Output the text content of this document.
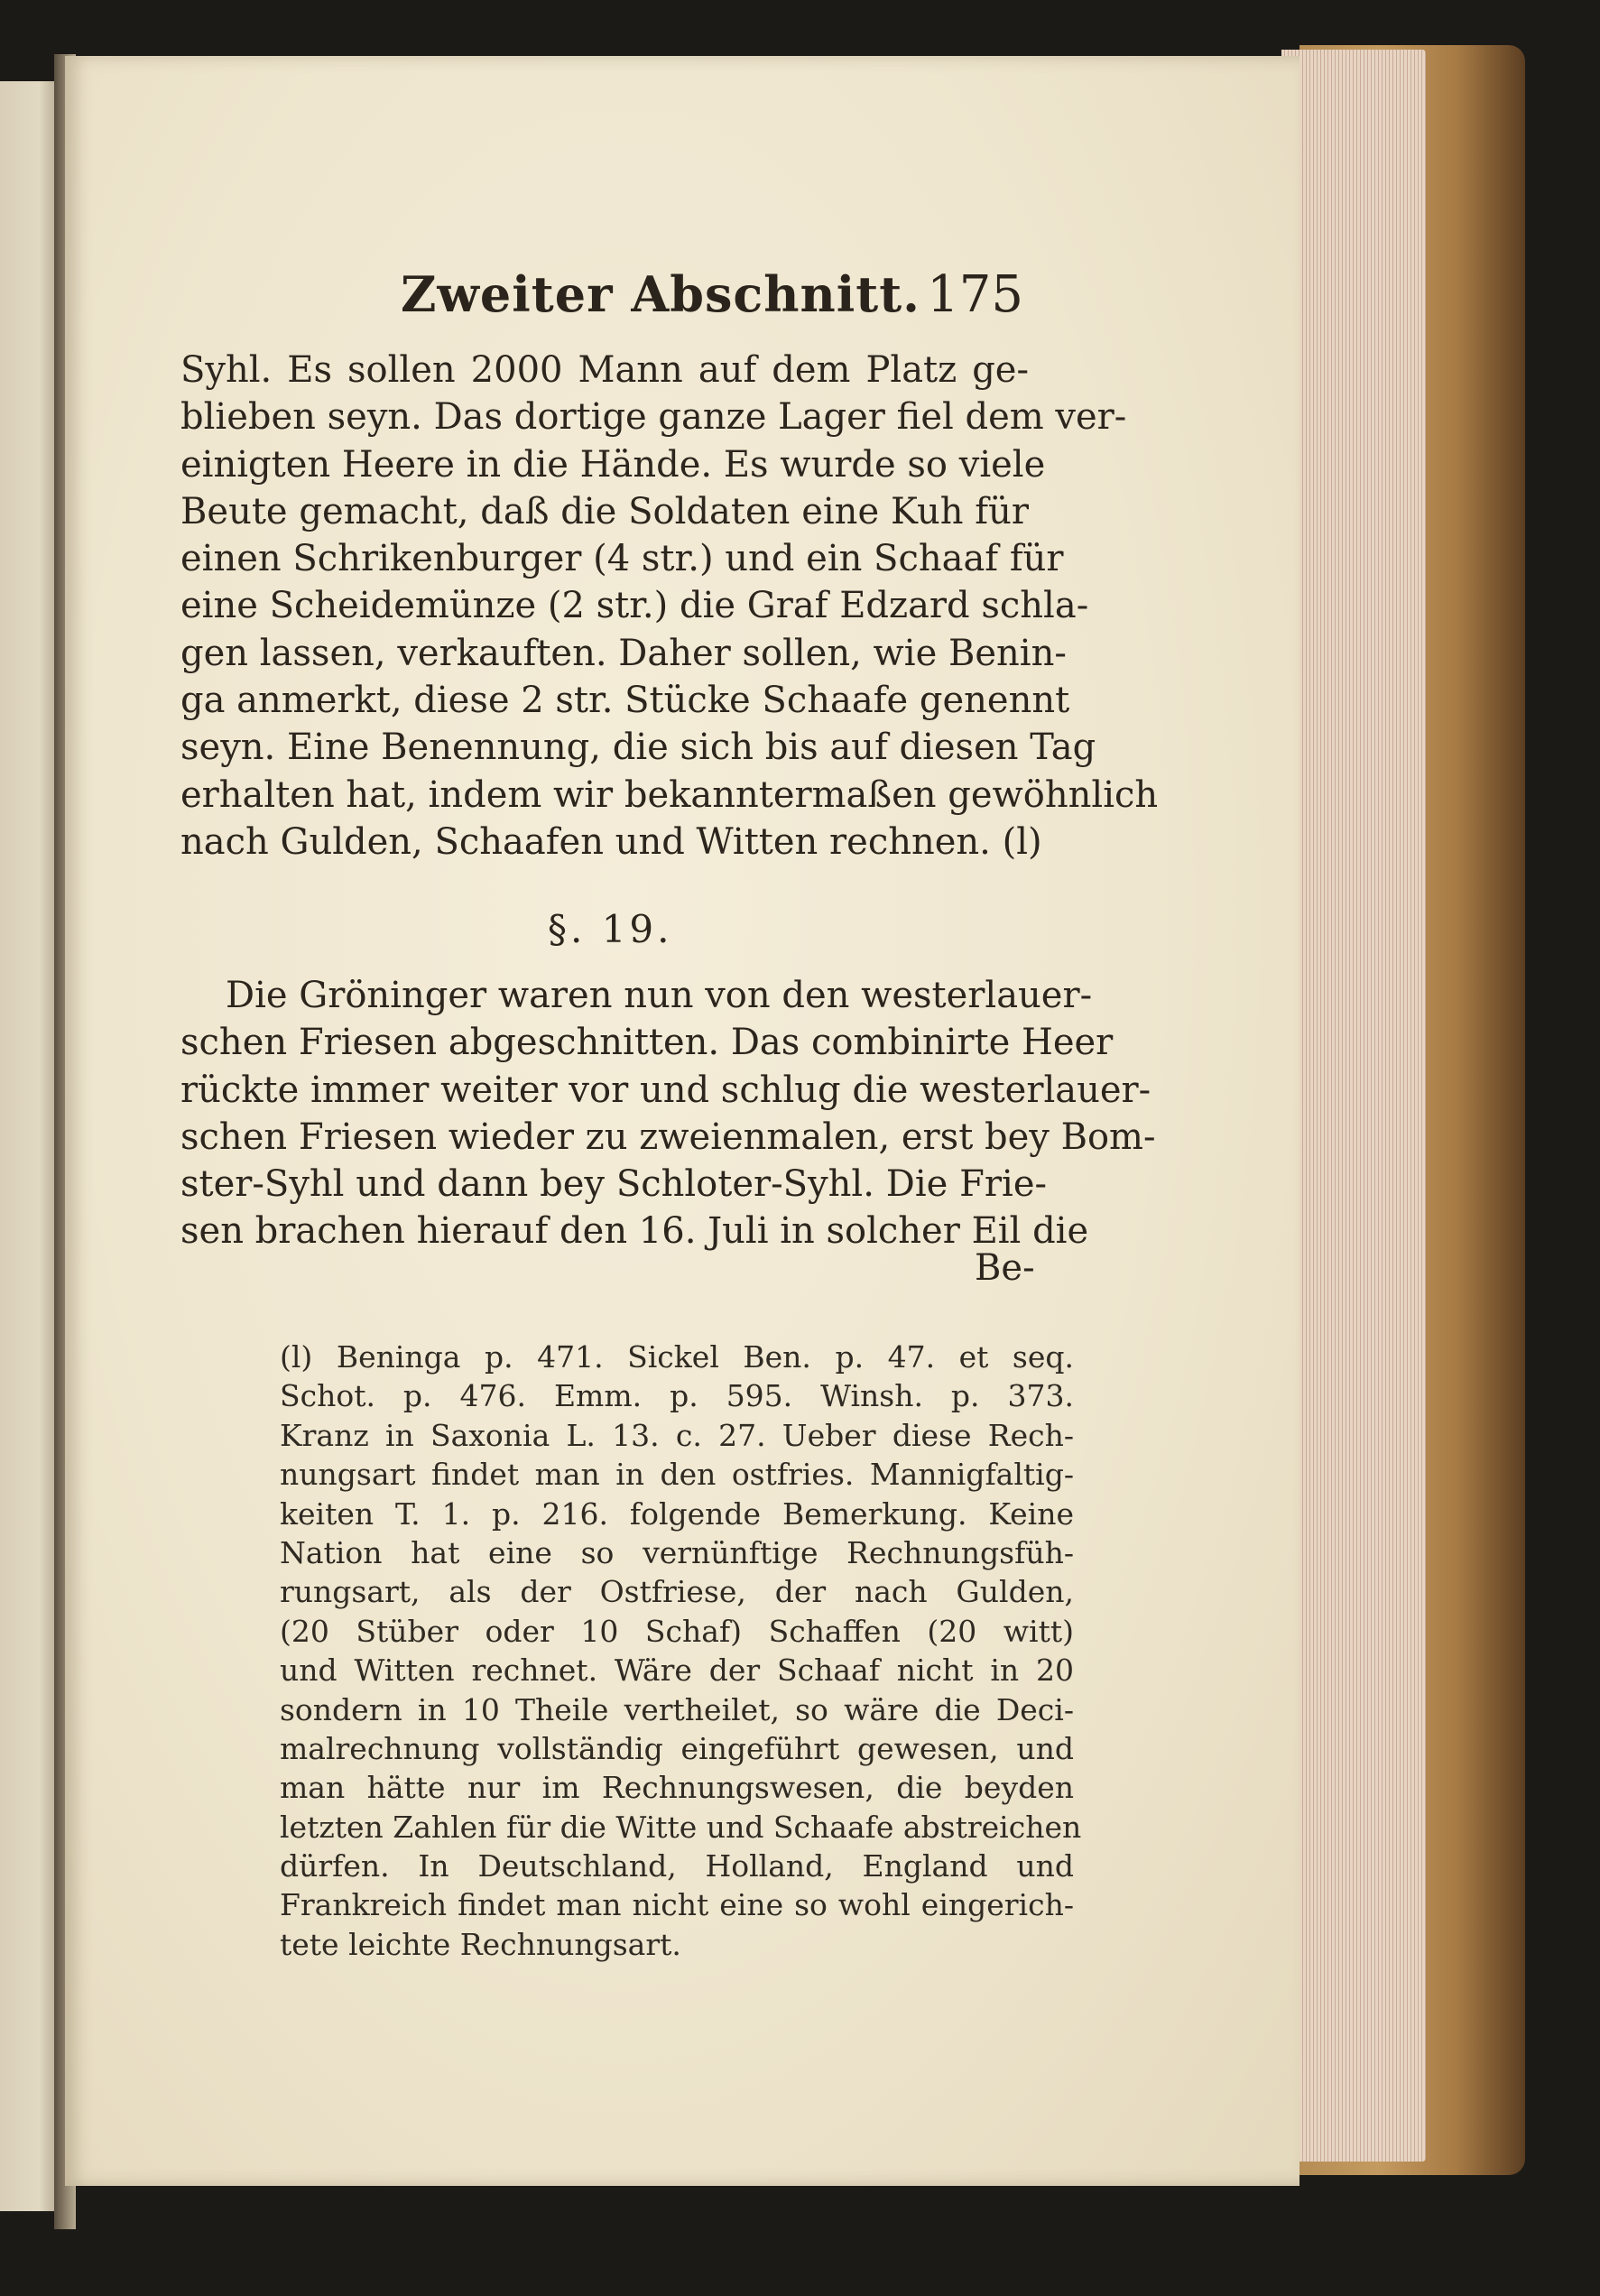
Zweiter Abschnitt. 175
Syhl. Es sollen 2000 Mann auf dem Platz ge-
blieben seyn. Das dortige ganze Lager fiel dem ver-
einigten Heere in die Hände. Es wurde so viele
Beute gemacht, daß die Soldaten eine Kuh für
einen Schrikenburger (4 str.) und ein Schaaf für
eine Scheidemünze (2 str.) die Graf Edzard schla-
gen lassen, verkauften. Daher sollen, wie Benin-
ga anmerkt, diese 2 str. Stücke Schaafe genennt
seyn. Eine Benennung, die sich bis auf diesen Tag
erhalten hat, indem wir bekanntermaßen gewöhnlich
nach Gulden, Schaafen und Witten rechnen. (l)
§. 19.
Die Gröninger waren nun von den westerlauer-
schen Friesen abgeschnitten. Das combinirte Heer
rückte immer weiter vor und schlug die westerlauer-
schen Friesen wieder zu zweienmalen, erst bey Bom-
ster-Syhl und dann bey Schloter-Syhl. Die Frie-
sen brachen hierauf den 16. Juli in solcher Eil die
Be-
(l) Beninga p. 471. Sickel Ben. p. 47. et seq.
Schot. p. 476. Emm. p. 595. Winsh. p. 373.
Kranz in Saxonia L. 13. c. 27. Ueber diese Rech-
nungsart findet man in den ostfries. Mannigfaltig-
keiten T. 1. p. 216. folgende Bemerkung. Keine
Nation hat eine so vernünftige Rechnungsfüh-
rungsart, als der Ostfriese, der nach Gulden,
(20 Stüber oder 10 Schaf) Schaffen (20 witt)
und Witten rechnet. Wäre der Schaaf nicht in 20
sondern in 10 Theile vertheilet, so wäre die Deci-
malrechnung vollständig eingeführt gewesen, und
man hätte nur im Rechnungswesen, die beyden
letzten Zahlen für die Witte und Schaafe abstreichen
dürfen. In Deutschland, Holland, England und
Frankreich findet man nicht eine so wohl eingerich-
tete leichte Rechnungsart.
